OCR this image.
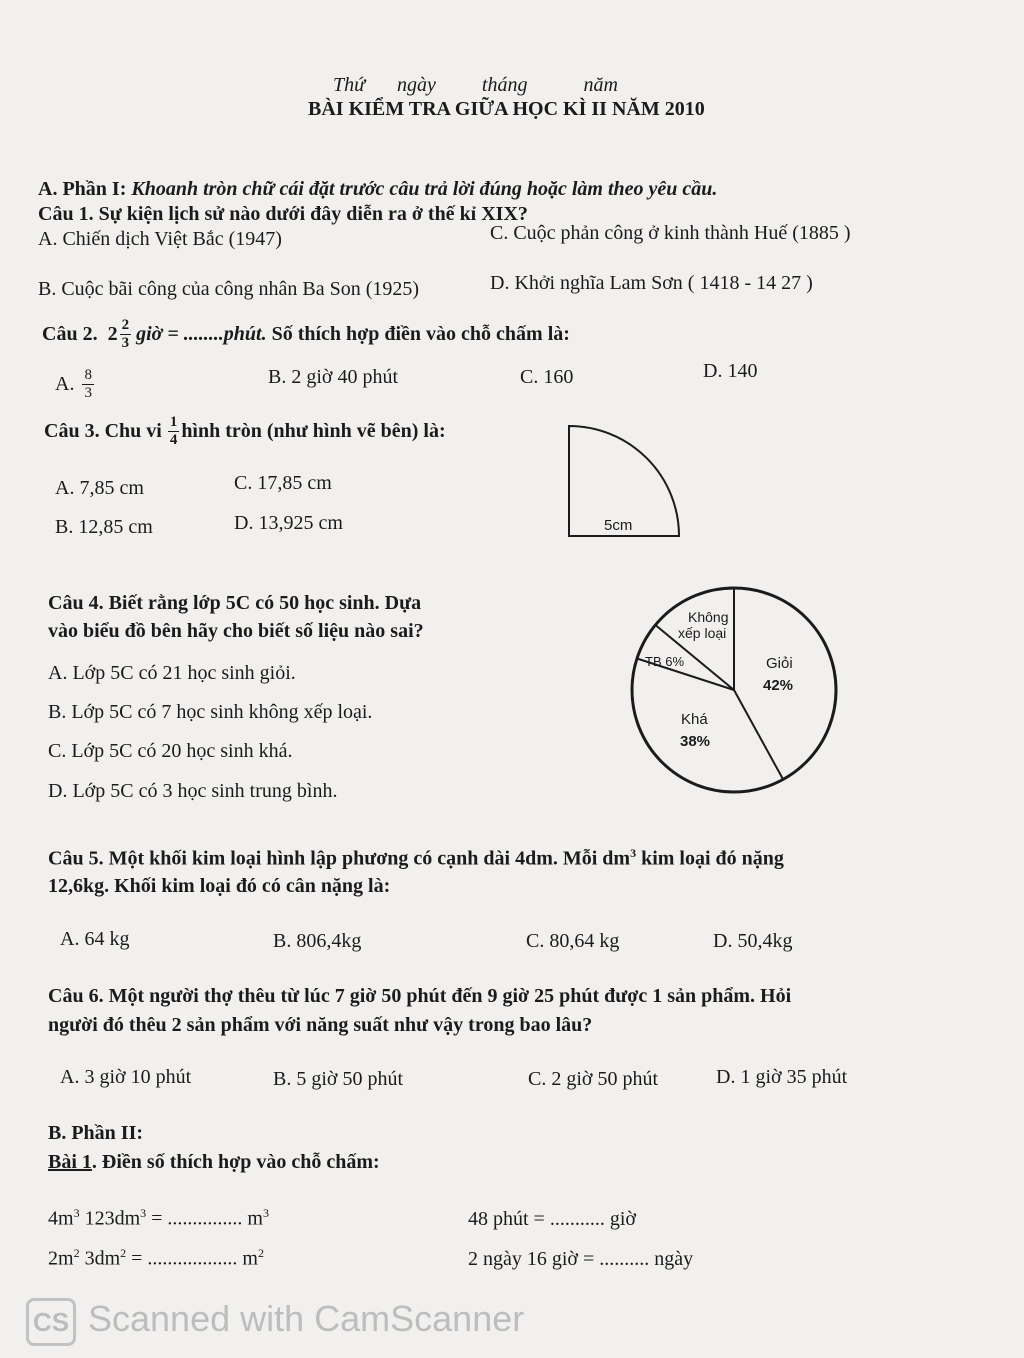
Thứ ngày tháng	năm
BÀI KIỂM TRA GIỮA HỌC KÌ II NĂM 2010
A. Phần I: Khoanh tròn chữ cái đặt trước câu trả lời đúng hoặc làm theo yêu cầu.
Câu 1. Sự kiện lịch sử nào dưới đây diễn ra ở thế kỉ XIX?
A. Chiến dịch Việt Bắc (1947)	C. Cuộc phản công ở kinh thành Huế (1885 )
B. Cuộc bãi công của công nhân Ba Son (1925)	D. Khởi nghĩa Lam Sơn ( 1418 - 14 27 )
Câu 2. $2 \frac{2}{3}$ giờ = ........phút. Số thích hợp điền vào chỗ chấm là:
A. $\frac{8}{3}$	B. 2 giờ 40 phút	C. 160	D. 140
Câu 3. Chu vi $\frac{1}{4}$ hình tròn (như hình vẽ bên) là:
A. 7,85 cm	C. 17,85 cm
B. 12,85 cm	D. 13,925 cm	5cm
Câu 4. Biết rằng lớp 5C có 50 học sinh. Dựa
vào biểu đồ bên hãy cho biết số liệu nào sai?
A. Lớp 5C có 21 học sinh giỏi.
B. Lớp 5C có 7 học sinh không xếp loại.
C. Lớp 5C có 20 học sinh khá.
D. Lớp 5C có 3 học sinh trung bình.
Không
xếp loại
TB 6%	Giỏi
42%
Khá
38%
Câu 5. Một khối kim loại hình lập phương có cạnh dài 4dm. Mỗi $dm^3$ kim loại đó nặng
12,6kg. Khối kim loại đó có cân nặng là:
A. 64 kg	B. 806,4kg	C. 80,64 kg	D. 50,4kg
Câu 6. Một người thợ thêu từ lúc 7 giờ 50 phút đến 9 giờ 25 phút được 1 sản phẩm. Hỏi
người đó thêu 2 sản phẩm với năng suất như vậy trong bao lâu?
A. 3 giờ 10 phút	B. 5 giờ 50 phút	C. 2 giờ 50 phút	D. 1 giờ 35 phút
B. Phần II:
Bài 1. Điền số thích hợp vào chỗ chấm:
$4m^3$ $123dm^3$ = ............... $m^3$	48 phút = ........... giờ
$2m^2$ $3dm^2$ = .................. $m^2$	2 ngày 16 giờ = .......... ngày
CS Scanned with CamScanner
